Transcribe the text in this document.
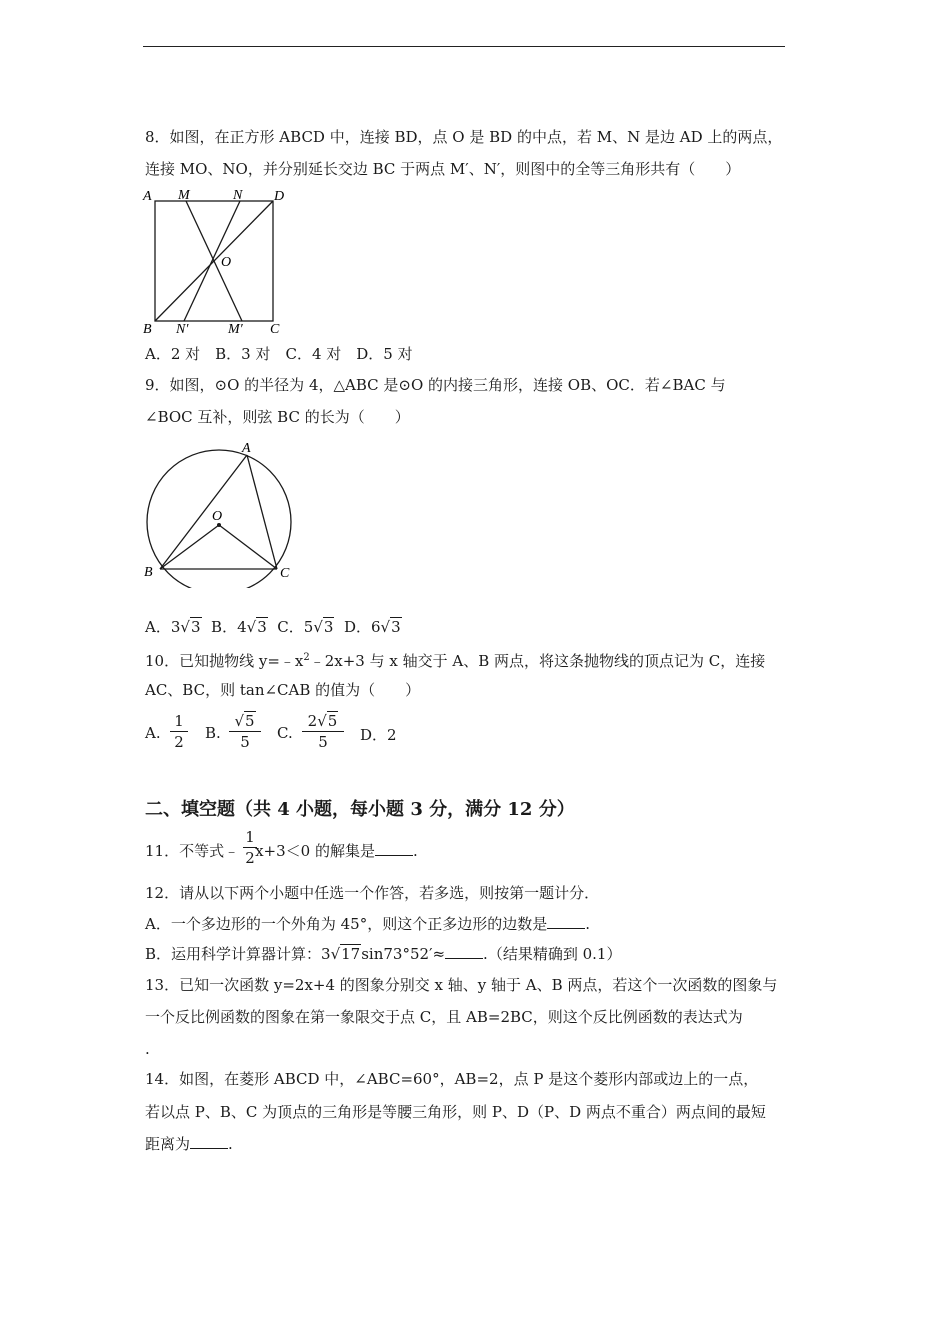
8．如图，在正方形 ABCD 中，连接 BD，点 O 是 BD 的中点，若 M、N 是边 AD 上的两点，
连接 MO、NO，并分别延长交边 BC 于两点 M′、N′，则图中的全等三角形共有（　　）
A M	N D
O
B N′	M′ C
A．2 对　B．3 对　C．4 对　D．5 对
9．如图，⊙O 的半径为 4，△ABC 是⊙O 的内接三角形，连接 OB、OC．若∠BAC 与
∠BOC 互补，则弦 BC 的长为（　　）
A
O
B	C
A．3√3 B．4√3 C．5√3 D．6√3
10．已知抛物线 $y=﹣x^2﹣2x+3$ 与 x 轴交于 A、B 两点，将这条抛物线的顶点记为 C，连接
AC、BC，则 tan∠CAB 的值为（　　）
A.
1
2 B.
√5
5	C.
2√5
5	D．2
二、填空题（共 4 小题，每小题 3 分，满分 12 分）
11．不等式﹣ x+3＜0 的解集是	.
1
2
12．请从以下两个小题中任选一个作答，若多选，则按第一题计分．
A．一个多边形的一个外角为 45°，则这个正多边形的边数是	.
B．运用科学计算器计算：3√17sin73°52′≈	.（结果精确到 0.1）
13．已知一次函数 y=2x+4 的图象分别交 x 轴、y 轴于 A、B 两点，若这个一次函数的图象与
一个反比例函数的图象在第一象限交于点 C，且 AB=2BC，则这个反比例函数的表达式为
.
14．如图，在菱形 ABCD 中，∠ABC=60°，AB=2，点 P 是这个菱形内部或边上的一点，
若以点 P、B、C 为顶点的三角形是等腰三角形，则 P、D（P、D 两点不重合）两点间的最短
距离为	.
